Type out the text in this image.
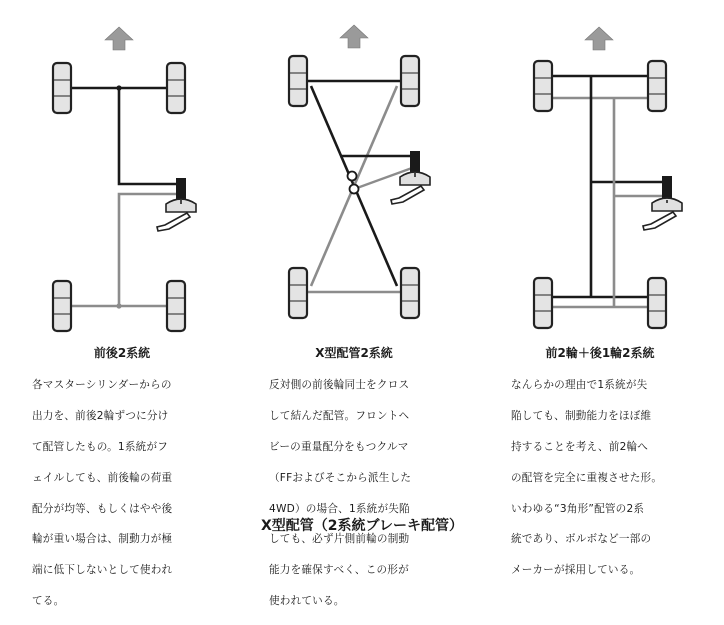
前後2系統	X型配管2系統	前2輪＋後1輪2系統

各マスターシリンダーからの

出力を、前後2輪ずつに分け

て配管したもの。1系統がフ

ェイルしても、前後輪の荷重

配分が均等、もしくはやや後

輪が重い場合は、制動力が極

端に低下しないとして使われ

てる。

反対側の前後輪同士をクロス

して結んだ配管。フロントヘ

ビーの重量配分をもつクルマ

（FFおよびそこから派生した

4WD）の場合、1系統が失陥

しても、必ず片側前輪の制動

能力を確保すべく、この形が

使われている。

なんらかの理由で1系統が失

陥しても、制動能力をほぼ維

持することを考え、前2輪へ

の配管を完全に重複させた形。

いわゆる“3角形”配管の2系

統であり、ボルボなど一部の

メーカーが採用している。

X型配管（2系統ブレーキ配管）
